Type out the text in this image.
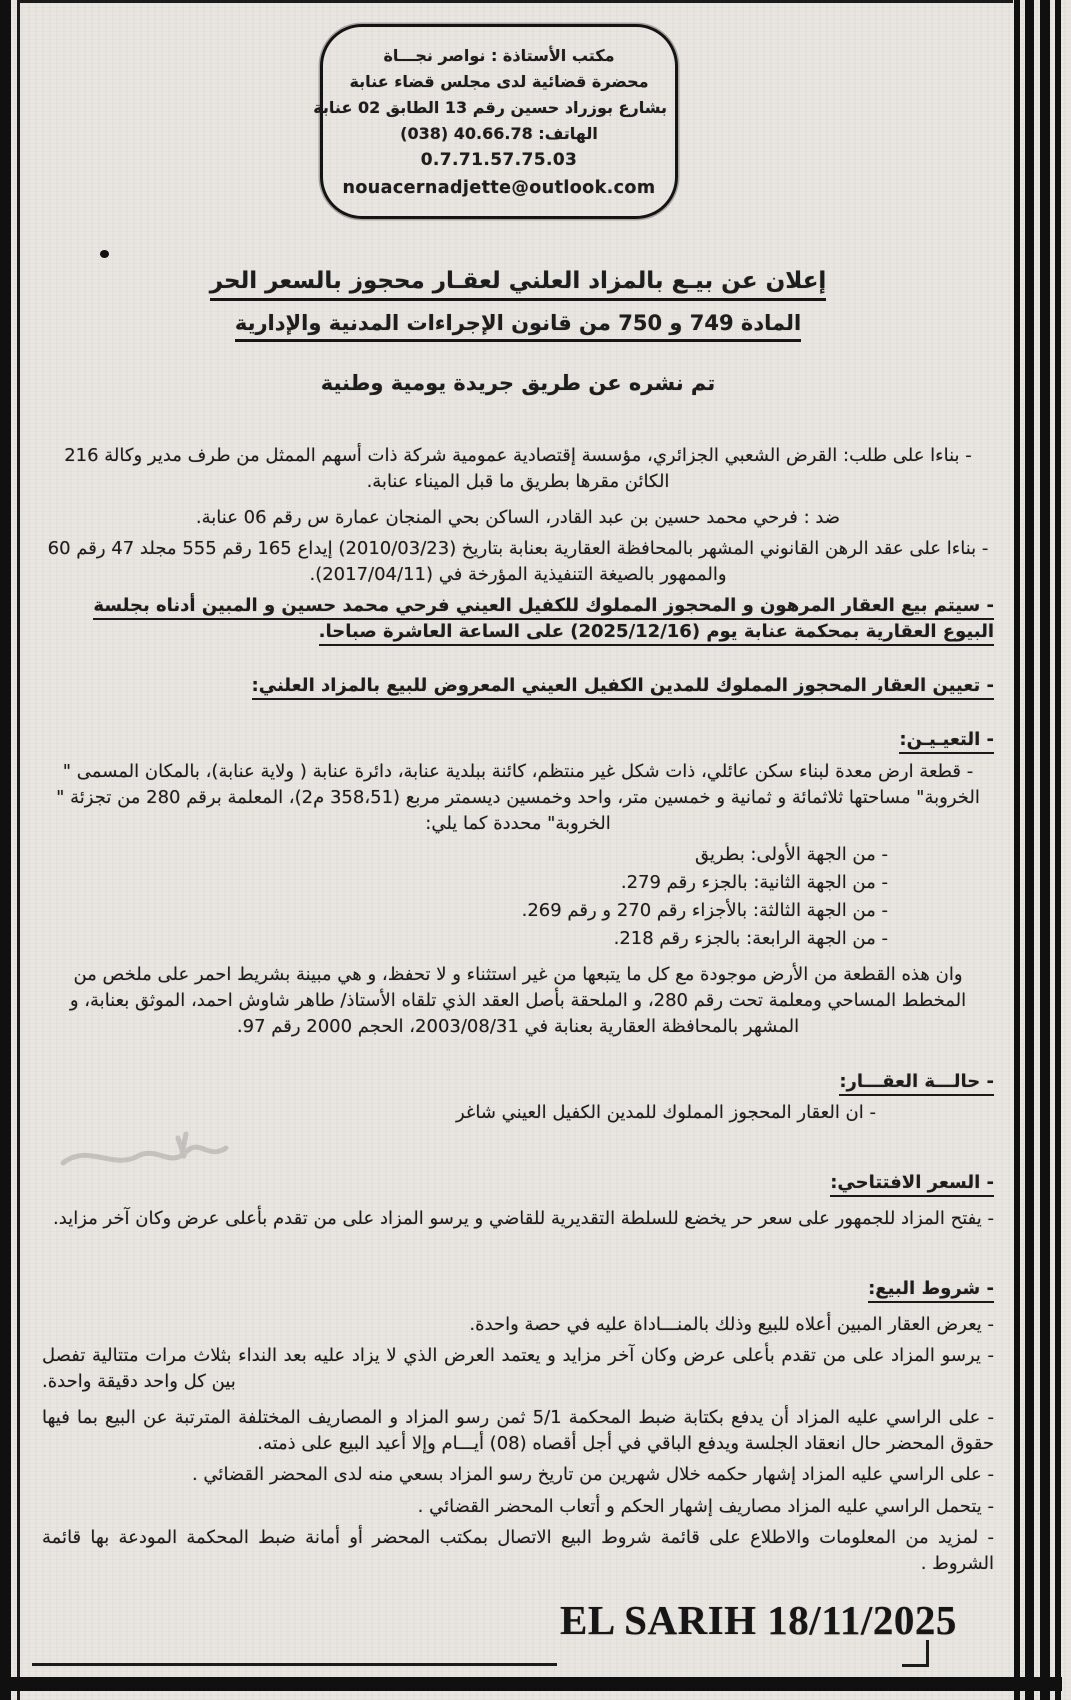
مكتب الأستاذة : نواصر نجـــاة
محضرة قضائية لدى مجلس قضاء عنابة
بشارع بوزراد حسين رقم 13 الطابق 02 عنابة
الهاتف: ‎(038) 40.66.78‎
0.7.71.57.75.03
nouacernadjette@outlook.com
إعلان عن بيـع بالمزاد العلني لعقـار محجوز بالسعر الحر
المادة 749 و 750 من قانون الإجراءات المدنية والإدارية
تم نشره عن طريق جريدة يومية وطنية

- بناءا على طلب: القرض الشعبي الجزائري، مؤسسة إقتصادية عمومية شركة ذات أسهم الممثل من طرف مدير وكالة 216 الكائن مقرها بطريق ما قبل الميناء عنابة.

ضد : فرحي محمد حسين بن عبد القادر، الساكن بحي المنجان عمارة س رقم 06 عنابة.

- بناءا على عقد الرهن القانوني المشهر بالمحافظة العقارية بعنابة بتاريخ (2010/03/23) إيداع 165 رقم 555 مجلد 47 رقم 60 والممهور بالصيغة التنفيذية المؤرخة في (2017/04/11).

- سيتم بيع العقار المرهون و المحجوز المملوك للكفيل العيني فرحي محمد حسين و المبين أدناه بجلسة البيوع العقارية بمحكمة عنابة يوم (2025/12/16) على الساعة العاشرة صباحا.

- تعيين العقار المحجوز المملوك للمدين الكفيل العيني المعروض للبيع بالمزاد العلني:

- التعيـيـن:

- قطعة ارض معدة لبناء سكن عائلي، ذات شكل غير منتظم، كائنة ببلدية عنابة، دائرة عنابة ( ولاية عنابة)، بالمكان المسمى " الخروبة" مساحتها ثلاثمائة و ثمانية و خمسين متر، واحد وخمسين ديسمتر مربع (358،51 م2)، المعلمة برقم 280 من تجزئة " الخروبة" محددة كما يلي:

- من الجهة الأولى: بطريق
- من الجهة الثانية: بالجزء رقم 279.
- من الجهة الثالثة: بالأجزاء رقم 270 و رقم 269.
- من الجهة الرابعة: بالجزء رقم 218.

وان هذه القطعة من الأرض موجودة مع كل ما يتبعها من غير استثناء و لا تحفظ، و هي مبينة بشريط احمر على ملخص من المخطط المساحي ومعلمة تحت رقم 280، و الملحقة بأصل العقد الذي تلقاه الأستاذ/ طاهر شاوش احمد، الموثق بعنابة، و المشهر بالمحافظة العقارية بعنابة في 2003/08/31، الحجم 2000 رقم 97.

- حالـــة العقـــار:

- ان العقار المحجوز المملوك للمدين الكفيل العيني شاغر

- السعر الافتتاحي:

- يفتح المزاد للجمهور على سعر حر يخضع للسلطة التقديرية للقاضي و يرسو المزاد على من تقدم بأعلى عرض وكان آخر مزايد.

- شروط البيع:

- يعرض العقار المبين أعلاه للبيع وذلك بالمنـــاداة عليه في حصة واحدة.

- يرسو المزاد على من تقدم بأعلى عرض وكان آخر مزايد و يعتمد العرض الذي لا يزاد عليه بعد النداء بثلاث مرات متتالية تفصل بين كل واحد دقيقة واحدة.

- على الراسي عليه المزاد أن يدفع بكتابة ضبط المحكمة 5/1 ثمن رسو المزاد و المصاريف المختلفة المترتبة عن البيع بما فيها حقوق المحضر حال انعقاد الجلسة ويدفع الباقي في أجل أقصاه (08) أيـــام وإلا أعيد البيع على ذمته.

- على الراسي عليه المزاد إشهار حكمه خلال شهرين من تاريخ رسو المزاد بسعي منه لدى المحضر القضائي .

- يتحمل الراسي عليه المزاد مصاريف إشهار الحكم و أتعاب المحضر القضائي .

- لمزيد من المعلومات والاطلاع على قائمة شروط البيع الاتصال بمكتب المحضر أو أمانة ضبط المحكمة المودعة بها قائمة الشروط .

EL SARIH 18/11/2025
